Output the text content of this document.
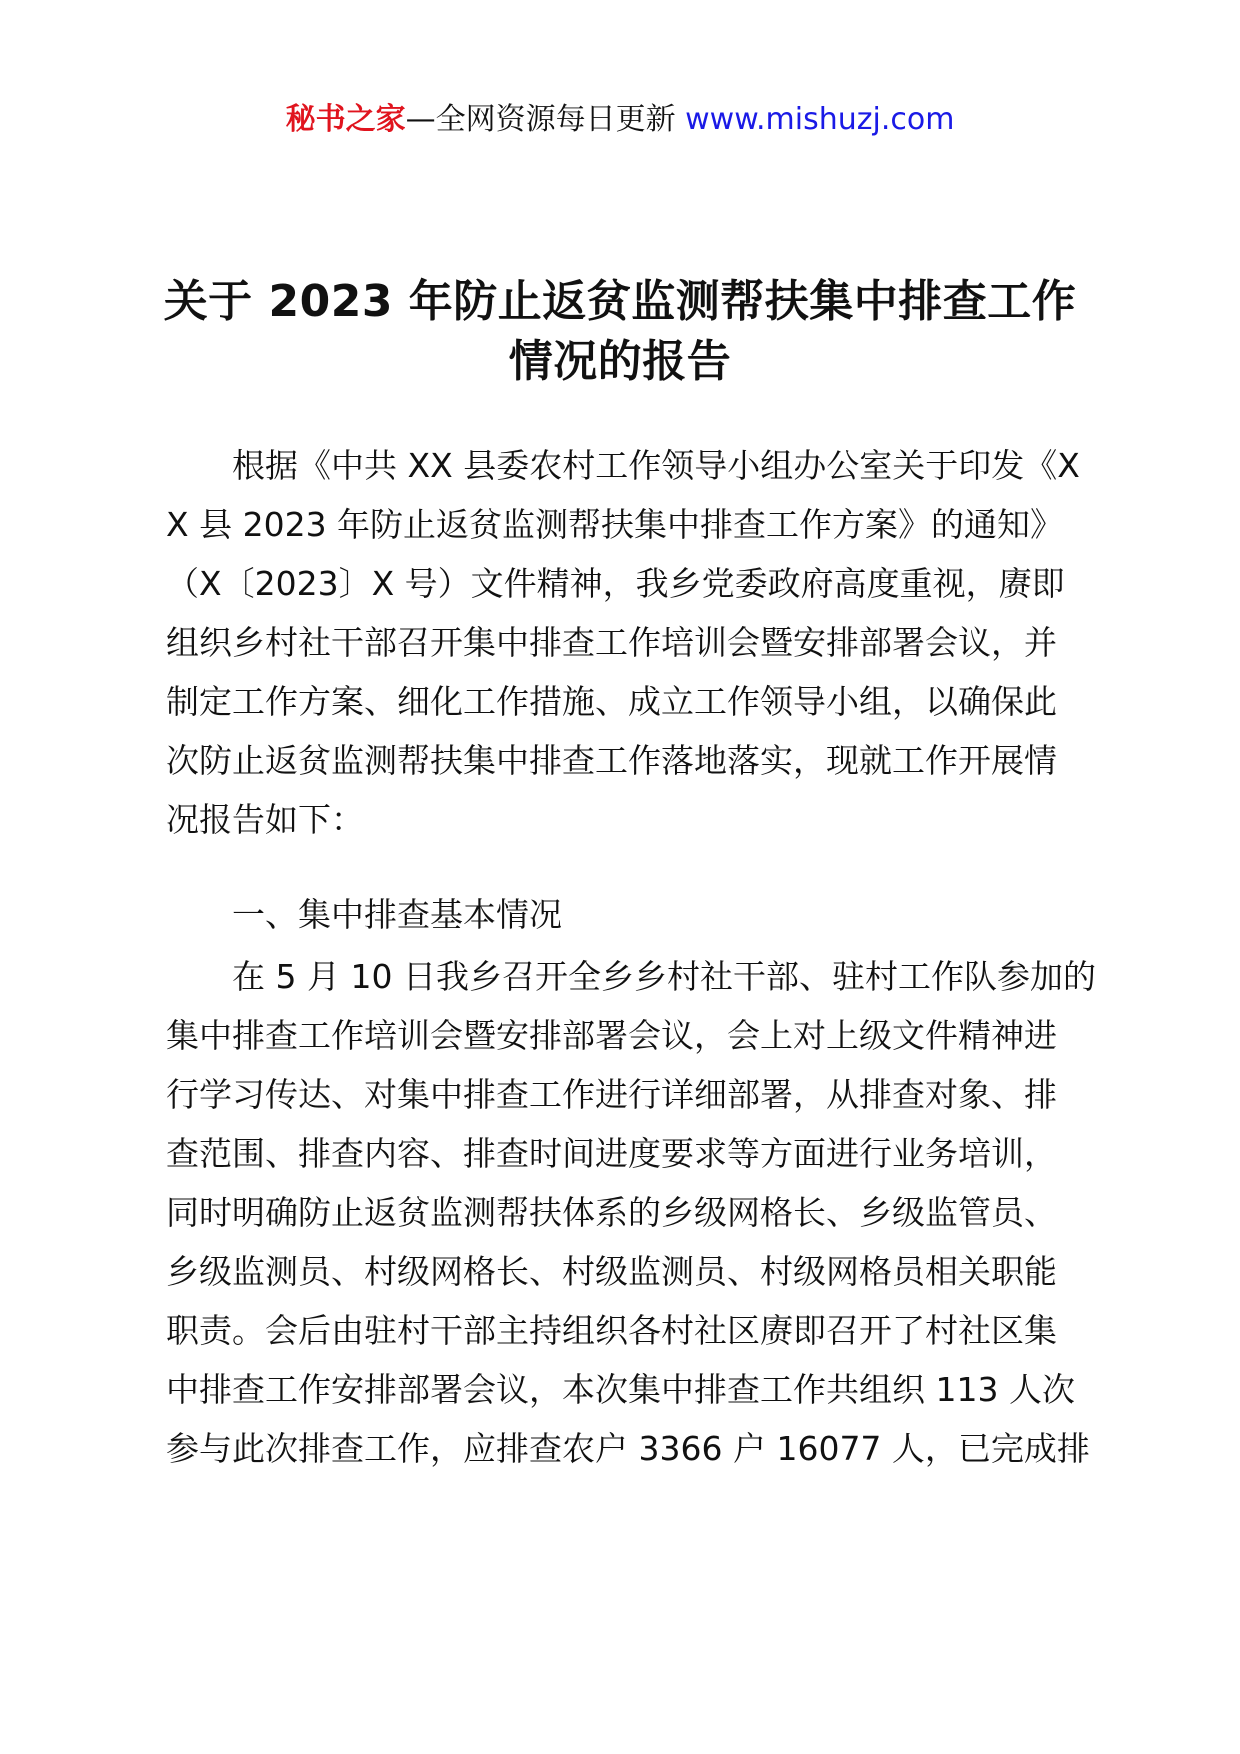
秘书之家—全网资源每日更新 www.mishuzj.com
关于 2023 年防止返贫监测帮扶集中排查工作
情况的报告
根据《中共 XX 县委农村工作领导小组办公室关于印发《X
X 县 2023 年防止返贫监测帮扶集中排查工作方案》的通知》
（X〔2023〕X 号）文件精神，我乡党委政府高度重视，赓即
组织乡村社干部召开集中排查工作培训会暨安排部署会议，并
制定工作方案、细化工作措施、成立工作领导小组，以确保此
次防止返贫监测帮扶集中排查工作落地落实，现就工作开展情
况报告如下：
一、集中排查基本情况
在 5 月 10 日我乡召开全乡乡村社干部、驻村工作队参加的
集中排查工作培训会暨安排部署会议，会上对上级文件精神进
行学习传达、对集中排查工作进行详细部署，从排查对象、排
查范围、排查内容、排查时间进度要求等方面进行业务培训，
同时明确防止返贫监测帮扶体系的乡级网格长、乡级监管员、
乡级监测员、村级网格长、村级监测员、村级网格员相关职能
职责。会后由驻村干部主持组织各村社区赓即召开了村社区集
中排查工作安排部署会议，本次集中排查工作共组织 113 人次
参与此次排查工作，应排查农户 3366 户 16077 人，已完成排
